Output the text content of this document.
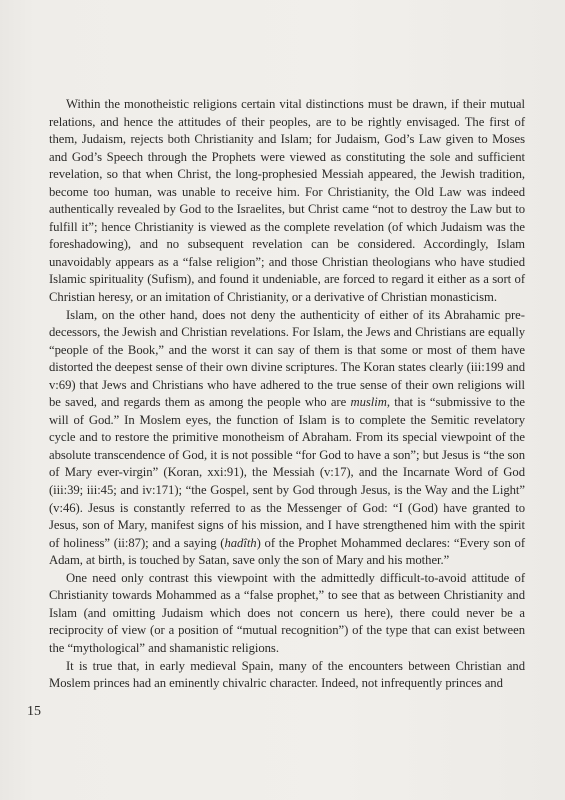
Within the monotheistic religions certain vital distinctions must be drawn, if their mutual relations, and hence the attitudes of their peoples, are to be rightly envisaged. The first of them, Judaism, rejects both Christianity and Islam; for Judaism, God’s Law given to Moses and God’s Speech through the Prophets were viewed as constituting the sole and sufficient revelation, so that when Christ, the long-prophesied Messiah appeared, the Jewish tradition, become too human, was unable to receive him. For Christianity, the Old Law was indeed authentically revealed by God to the Israelites, but Christ came “not to destroy the Law but to fulfill it”; hence Christianity is viewed as the complete revelation (of which Judaism was the foreshadowing), and no subsequent revelation can be considered. Accordingly, Islam unavoidably appears as a “false religion”; and those Christian theologians who have studied Islamic spirituality (Sufism), and found it undeniable, are forced to regard it either as a sort of Christian heresy, or an imitation of Christianity, or a derivative of Christian monasticism.

Islam, on the other hand, does not deny the authenticity of either of its Abrahamic predecessors, the Jewish and Christian revelations. For Islam, the Jews and Christians are equally “people of the Book,” and the worst it can say of them is that some or most of them have distorted the deepest sense of their own divine scriptures. The Koran states clearly (iii:199 and v:69) that Jews and Christians who have adhered to the true sense of their own religions will be saved, and regards them as among the people who are muslim, that is “submissive to the will of God.” In Moslem eyes, the function of Islam is to complete the Semitic revelatory cycle and to restore the primitive monotheism of Abraham. From its special viewpoint of the absolute transcendence of God, it is not possible “for God to have a son”; but Jesus is “the son of Mary ever-virgin” (Koran, xxi:91), the Messiah (v:17), and the Incarnate Word of God (iii:39; iii:45; and iv:171); “the Gospel, sent by God through Jesus, is the Way and the Light” (v:46). Jesus is constantly referred to as the Messenger of God: “I (God) have granted to Jesus, son of Mary, manifest signs of his mission, and I have strengthened him with the spirit of holiness” (ii:87); and a saying (hadîth) of the Prophet Mohammed declares: “Every son of Adam, at birth, is touched by Satan, save only the son of Mary and his mother.”

One need only contrast this viewpoint with the admittedly difficult-to-avoid attitude of Christianity towards Mohammed as a “false prophet,” to see that as between Christianity and Islam (and omitting Judaism which does not concern us here), there could never be a reciprocity of view (or a position of “mutual recognition”) of the type that can exist between the “mythological” and shamanistic religions.

It is true that, in early medieval Spain, many of the encounters between Christian and Moslem princes had an eminently chivalric character. Indeed, not infrequently princes and

15
